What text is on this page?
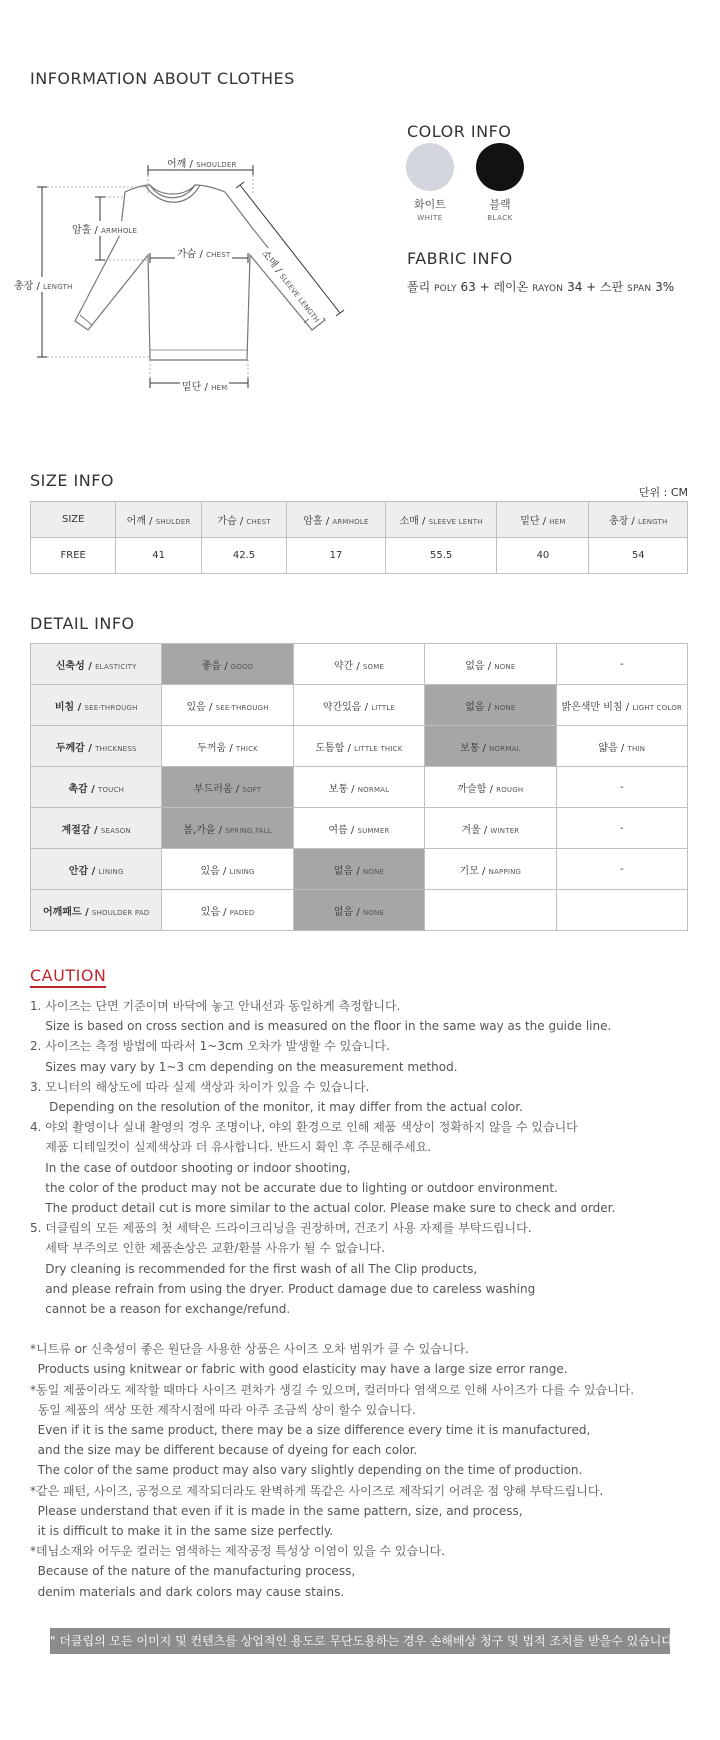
INFORMATION ABOUT CLOTHES
어깨 / SHOULDER
암홀 / ARMHOLE
가슴 / CHEST
총장 / LENGTH
소매 / SLEEVE LENGTH
밑단 / HEM
COLOR INFO
화이트
WHITE
블랙
BLACK
FABRIC INFO
폴리 POLY 63 + 레이온 RAYON 34 + 스판 SPAN 3%
SIZE INFO
단위 : CM
SIZE	어깨 / SHULDER	가슴 / CHEST	암홀 / ARMHOLE	소매 / SLEEVE LENTH	밑단 / HEM	총장 / LENGTH
FREE	41	42.5	17	55.5	40	54
DETAIL INFO
신축성 / ELASTICITY	좋음 / GOOD	약간 / SOME	없음 / NONE	-
비침 / SEE-THROUGH	있음 / SEE-THROUGH	약간있음 / LITTLE	없음 / NONE	밝은색만 비침 / LIGHT COLOR
두께감 / THICKNESS	두꺼움 / THICK	도톰함 / LITTLE THICK	보통 / NORMAL	얇음 / THIN
촉감 / TOUCH	부드러움 / SOFT	보통 / NORMAL	까슬함 / ROUGH	-
계절감 / SEASON	봄,가을 / SPRING,FALL	여름 / SUMMER	겨울 / WINTER	-
안감 / LINING	있음 / LINING	없음 / NONE	기모 / NAPPING	-
어깨패드 / SHOULDER PAD	있음 / PADED	없음 / NONE		
CAUTION
1. 사이즈는 단면 기준이며 바닥에 놓고 안내선과 동일하게 측정합니다.
Size is based on cross section and is measured on the floor in the same way as the guide line.
2. 사이즈는 측정 방법에 따라서 1~3cm 오차가 발생할 수 있습니다.
Sizes may vary by 1~3 cm depending on the measurement method.
3. 모니터의 해상도에 따라 실제 색상과 차이가 있을 수 있습니다.
Depending on the resolution of the monitor, it may differ from the actual color.
4. 야외 촬영이나 실내 촬영의 경우 조명이나, 야외 환경으로 인해 제품 색상이 정확하지 않을 수 있습니다
제품 디테일컷이 실제색상과 더 유사합니다. 반드시 확인 후 주문해주세요.
In the case of outdoor shooting or indoor shooting,
the color of the product may not be accurate due to lighting or outdoor environment.
The product detail cut is more similar to the actual color. Please make sure to check and order.
5. 더클립의 모든 제품의 첫 세탁은 드라이크리닝을 권장하며, 건조기 사용 자제를 부탁드립니다.
세탁 부주의로 인한 제품손상은 교환/환불 사유가 될 수 없습니다.
Dry cleaning is recommended for the first wash of all The Clip products,
and please refrain from using the dryer. Product damage due to careless washing
cannot be a reason for exchange/refund.
*니트류 or 신축성이 좋은 원단을 사용한 상품은 사이즈 오차 범위가 클 수 있습니다.
Products using knitwear or fabric with good elasticity may have a large size error range.
*동일 제품이라도 제작할 때마다 사이즈 편차가 생길 수 있으며, 컬러마다 염색으로 인해 사이즈가 다를 수 있습니다.
동일 제품의 색상 또한 제작시점에 따라 아주 조금씩 상이 할수 있습니다.
Even if it is the same product, there may be a size difference every time it is manufactured,
and the size may be different because of dyeing for each color.
The color of the same product may also vary slightly depending on the time of production.
*같은 패턴, 사이즈, 공정으로 제작되더라도 완벽하게 똑같은 사이즈로 제작되기 어려운 점 양해 부탁드립니다.
Please understand that even if it is made in the same pattern, size, and process,
it is difficult to make it in the same size perfectly.
*데님소재와 어두운 컬러는 염색하는 제작공정 특성상 이염이 있을 수 있습니다.
Because of the nature of the manufacturing process,
denim materials and dark colors may cause stains.
" 더클립의 모든 이미지 및 컨텐츠를 상업적인 용도로 무단도용하는 경우 손해배상 청구 및 법적 조치를 받을수 있습니다. "
